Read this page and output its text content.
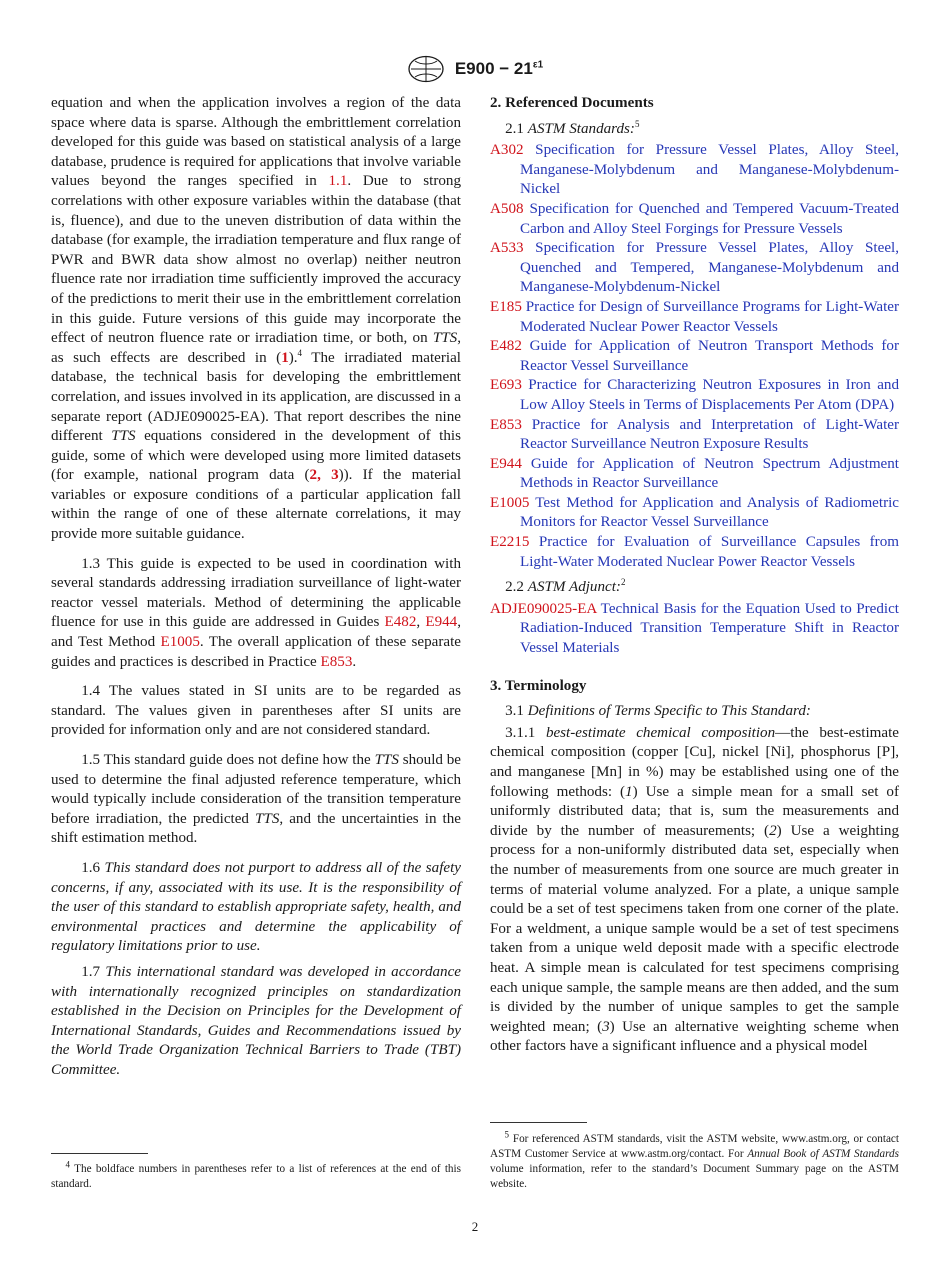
$E900 - 21^{\varepsilon 1}$

equation and when the application involves a region of the data space where data is sparse. Although the embrittlement correlation developed for this guide was based on statistical analysis of a large database, prudence is required for applications that involve variable values beyond the ranges specified in 1.1. Due to strong correlations with other exposure variables within the database (that is, fluence), and due to the uneven distribution of data within the database (for example, the irradiation temperature and flux range of PWR and BWR data show almost no overlap) neither neutron fluence rate nor irradiation time sufficiently improved the accuracy of the predictions to merit their use in the embrittlement correlation in this guide. Future versions of this guide may incorporate the effect of neutron fluence rate or irradiation time, or both, on TTS, as such effects are described in (1).$^4$ The irradiated material database, the technical basis for developing the embrittlement correlation, and issues involved in its application, are discussed in a separate report (ADJE090025-EA). That report describes the nine different TTS equations considered in the development of this guide, some of which were developed using more limited datasets (for example, national program data (2, 3)). If the material variables or exposure conditions of a particular application fall within the range of one of these alternate correlations, it may provide more suitable guidance.

1.3 This guide is expected to be used in coordination with several standards addressing irradiation surveillance of light-water reactor vessel materials. Method of determining the applicable fluence for use in this guide are addressed in Guides E482, E944, and Test Method E1005. The overall application of these separate guides and practices is described in Practice E853.

1.4 The values stated in SI units are to be regarded as standard. The values given in parentheses after SI units are provided for information only and are not considered standard.

1.5 This standard guide does not define how the TTS should be used to determine the final adjusted reference temperature, which would typically include consideration of the transition temperature before irradiation, the predicted TTS, and the uncertainties in the shift estimation method.

1.6 This standard does not purport to address all of the safety concerns, if any, associated with its use. It is the responsibility of the user of this standard to establish appropriate safety, health, and environmental practices and determine the applicability of regulatory limitations prior to use.

1.7 This international standard was developed in accordance with internationally recognized principles on standardization established in the Decision on Principles for the Development of International Standards, Guides and Recommendations issued by the World Trade Organization Technical Barriers to Trade (TBT) Committee.

2. Referenced Documents

2.1 ASTM Standards:$^5$

A302 Specification for Pressure Vessel Plates, Alloy Steel, Manganese-Molybdenum and Manganese-Molybdenum-Nickel

A508 Specification for Quenched and Tempered Vacuum-Treated Carbon and Alloy Steel Forgings for Pressure Vessels

A533 Specification for Pressure Vessel Plates, Alloy Steel, Quenched and Tempered, Manganese-Molybdenum and Manganese-Molybdenum-Nickel

E185 Practice for Design of Surveillance Programs for Light-Water Moderated Nuclear Power Reactor Vessels

E482 Guide for Application of Neutron Transport Methods for Reactor Vessel Surveillance

E693 Practice for Characterizing Neutron Exposures in Iron and Low Alloy Steels in Terms of Displacements Per Atom (DPA)

E853 Practice for Analysis and Interpretation of Light-Water Reactor Surveillance Neutron Exposure Results

E944 Guide for Application of Neutron Spectrum Adjustment Methods in Reactor Surveillance

E1005 Test Method for Application and Analysis of Radiometric Monitors for Reactor Vessel Surveillance

E2215 Practice for Evaluation of Surveillance Capsules from Light-Water Moderated Nuclear Power Reactor Vessels

2.2 ASTM Adjunct:$^2$

ADJE090025-EA Technical Basis for the Equation Used to Predict Radiation-Induced Transition Temperature Shift in Reactor Vessel Materials

3. Terminology

3.1 Definitions of Terms Specific to This Standard:

3.1.1 best-estimate chemical composition—the best-estimate chemical composition (copper [Cu], nickel [Ni], phosphorus [P], and manganese [Mn] in %) may be established using one of the following methods: (1) Use a simple mean for a small set of uniformly distributed data; that is, sum the measurements and divide by the number of measurements; (2) Use a weighting process for a non-uniformly distributed data set, especially when the number of measurements from one source are much greater in terms of material volume analyzed. For a plate, a unique sample could be a set of test specimens taken from one corner of the plate. For a weldment, a unique sample would be a set of test specimens taken from a unique weld deposit made with a specific electrode heat. A simple mean is calculated for test specimens comprising each unique sample, the sample means are then added, and the sum is divided by the number of unique samples to get the sample weighted mean; (3) Use an alternative weighting scheme when other factors have a significant influence and a physical model

$^4$ The boldface numbers in parentheses refer to a list of references at the end of this standard.

$^5$ For referenced ASTM standards, visit the ASTM website, www.astm.org, or contact ASTM Customer Service at www.astm.org/contact. For Annual Book of ASTM Standards volume information, refer to the standard’s Document Summary page on the ASTM website.

2
